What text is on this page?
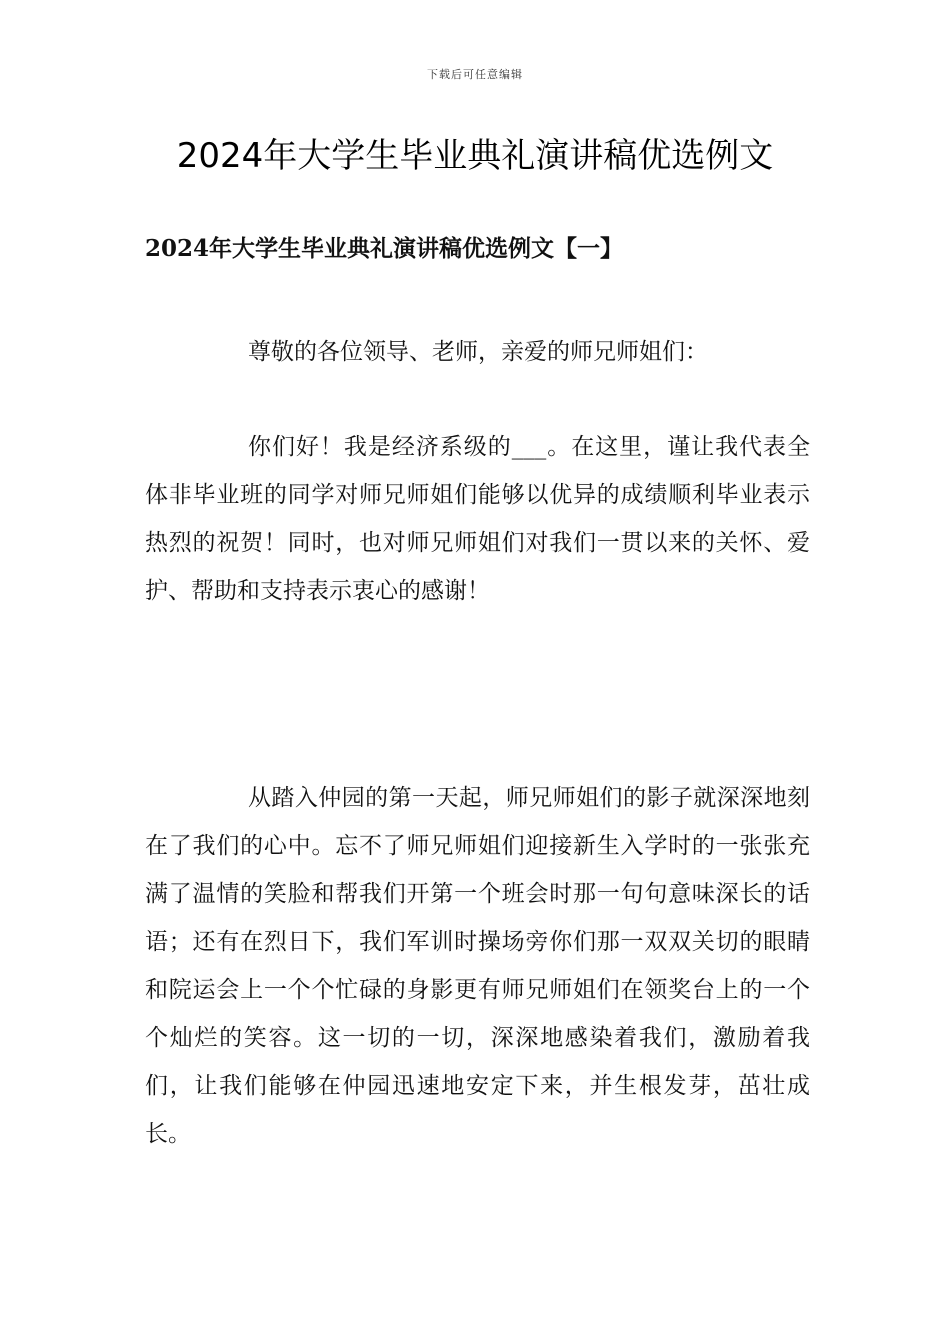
下载后可任意编辑
2024年大学生毕业典礼演讲稿优选例文
2024年大学生毕业典礼演讲稿优选例文【一】

尊敬的各位领导、老师，亲爱的师兄师姐们：

你们好！我是经济系级的___。在这里，谨让我代表全体非毕业班的同学对师兄师姐们能够以优异的成绩顺利毕业表示热烈的祝贺！同时，也对师兄师姐们对我们一贯以来的关怀、爱护、帮助和支持表示衷心的感谢！

从踏入仲园的第一天起，师兄师姐们的影子就深深地刻在了我们的心中。忘不了师兄师姐们迎接新生入学时的一张张充满了温情的笑脸和帮我们开第一个班会时那一句句意味深长的话语；还有在烈日下，我们军训时操场旁你们那一双双关切的眼睛和院运会上一个个忙碌的身影更有师兄师姐们在领奖台上的一个个灿烂的笑容。这一切的一切，深深地感染着我们，激励着我们，让我们能够在仲园迅速地安定下来，并生根发芽，茁壮成长。
